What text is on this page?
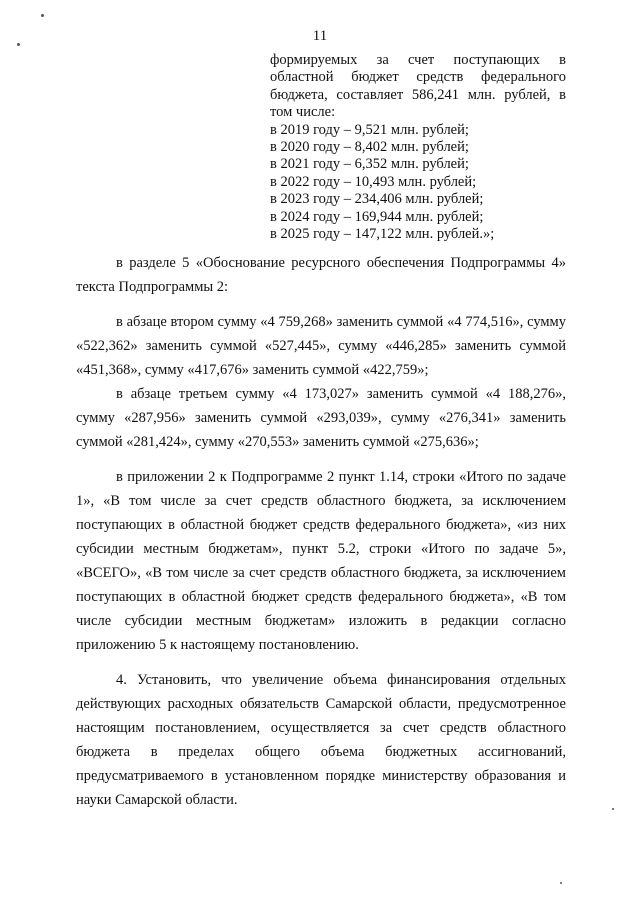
11
формируемых за счет поступающих в
областной бюджет средств федерального
бюджета, составляет 586,241 млн. рублей, в
том числе:
в 2019 году – 9,521 млн. рублей;
в 2020 году – 8,402 млн. рублей;
в 2021 году – 6,352 млн. рублей;
в 2022 году – 10,493 млн. рублей;
в 2023 году – 234,406 млн. рублей;
в 2024 году – 169,944 млн. рублей;
в 2025 году – 147,122 млн. рублей.»;

в разделе 5 «Обоснование ресурсного обеспечения Подпрограммы 4» текста Подпрограммы 2:

в абзаце втором сумму «4 759,268» заменить суммой «4 774,516», сумму «522,362» заменить суммой «527,445», сумму «446,285» заменить суммой «451,368», сумму «417,676» заменить суммой «422,759»;

в абзаце третьем сумму «4 173,027» заменить суммой «4 188,276», сумму «287,956» заменить суммой «293,039», сумму «276,341» заменить суммой «281,424», сумму «270,553» заменить суммой «275,636»;

в приложении 2 к Подпрограмме 2 пункт 1.14, строки «Итого по задаче 1», «В том числе за счет средств областного бюджета, за исключением поступающих в областной бюджет средств федерального бюджета», «из них субсидии местным бюджетам», пункт 5.2, строки «Итого по задаче 5», «ВСЕГО», «В том числе за счет средств областного бюджета, за исключением поступающих в областной бюджет средств федерального бюджета», «В том числе субсидии местным бюджетам» изложить в редакции согласно приложению 5 к настоящему постановлению.

4. Установить, что увеличение объема финансирования отдельных действующих расходных обязательств Самарской области, предусмотренное настоящим постановлением, осуществляется за счет средств областного бюджета в пределах общего объема бюджетных ассигнований, предусматриваемого в установленном порядке министерству образования и науки Самарской области.
